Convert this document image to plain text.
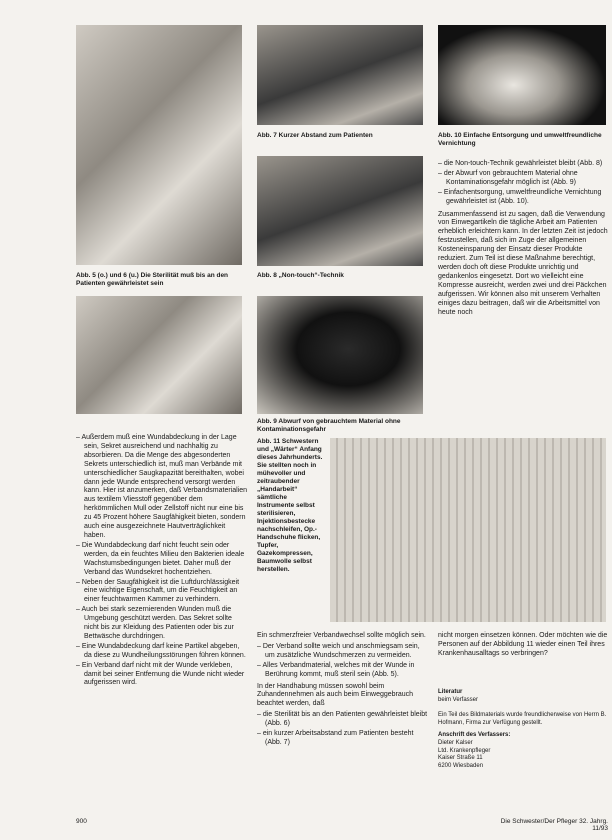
Abb. 5 (o.) und 6 (u.) Die Sterilität muß bis an den Patienten gewährleistet sein
Abb. 7 Kurzer Abstand zum Patienten
Abb. 8 „Non-touch“-Technik
Abb. 9 Abwurf von gebrauchtem Material ohne Kontaminationsgefahr
Abb. 10 Einfache Entsorgung und umweltfreundliche Vernichtung
– die Non-touch-Technik gewährleistet bleibt (Abb. 8)
– der Abwurf von gebrauchtem Material ohne Kontaminationsgefahr möglich ist (Abb. 9)
– Einfachentsorgung, umweltfreundliche Vernichtung gewährleistet ist (Abb. 10).

Zusammenfassend ist zu sagen, daß die Verwendung von Einwegartikeln die tägliche Arbeit am Patienten erheblich erleichtern kann. In der letzten Zeit ist jedoch festzustellen, daß sich im Zuge der allgemeinen Kosteneinsparung der Einsatz dieser Produkte reduziert. Zum Teil ist diese Maßnahme berechtigt, werden doch oft diese Produkte unrichtig und gedankenlos eingesetzt. Dort wo vielleicht eine Kompresse ausreicht, werden zwei und drei Päckchen aufgerissen. Wir können also mit unserem Verhalten einiges dazu beitragen, daß wir die Arbeitsmittel von heute noch

Abb. 11 Schwestern und „Wärter“ Anfang dieses Jahrhunderts. Sie stellten noch in mühevoller und zeitraubender „Handarbeit“ sämtliche Instrumente selbst sterilisieren, Injektionsbestecke nachschleifen, Op.-Handschuhe flicken, Tupfer, Gazekompressen, Baumwolle selbst herstellen.
– Außerdem muß eine Wundabdeckung in der Lage sein, Sekret ausreichend und nachhaltig zu absorbieren. Da die Menge des abgesonderten Sekrets unterschiedlich ist, muß man Verbände mit unterschiedlicher Saugkapazität bereithalten, wobei dann jede Wunde entsprechend versorgt werden kann. Hier ist anzumerken, daß Verbandsmaterialien aus textilem Vliesstoff gegenüber dem herkömmlichen Mull oder Zellstoff nicht nur eine bis zu 45 Prozent höhere Saugfähigkeit bieten, sondern auch eine ausgezeichnete Hautverträglichkeit haben.
– Die Wundabdeckung darf nicht feucht sein oder werden, da ein feuchtes Milieu den Bakterien ideale Wachstumsbedingungen bietet. Daher muß der Verband das Wundsekret hochentziehen.
– Neben der Saugfähigkeit ist die Luftdurchlässigkeit eine wichtige Eigenschaft, um die Feuchtigkeit an einer feuchtwarmen Kammer zu verhindern.
– Auch bei stark sezernierenden Wunden muß die Umgebung geschützt werden. Das Sekret sollte nicht bis zur Kleidung des Patienten oder bis zur Bettwäsche durchdringen.
– Eine Wundabdeckung darf keine Partikel abgeben, da diese zu Wundheilungsstörungen führen können.
– Ein Verband darf nicht mit der Wunde verkleben, damit bei seiner Entfernung die Wunde nicht wieder aufgerissen wird.

Ein schmerzfreier Verbandwechsel sollte möglich sein.

– Der Verband sollte weich und anschmiegsam sein, um zusätzliche Wundschmerzen zu vermeiden.
– Alles Verbandmaterial, welches mit der Wunde in Berührung kommt, muß steril sein (Abb. 5).

In der Handhabung müssen sowohl beim Zuhandennehmen als auch beim Einweggebrauch beachtet werden, daß

– die Sterilität bis an den Patienten gewährleistet bleibt (Abb. 6)
– ein kurzer Arbeitsabstand zum Patienten besteht (Abb. 7)

nicht morgen einsetzen können. Oder möchten wie die Personen auf der Abbildung 11 wieder einen Teil ihres Krankenhausalltags so verbringen?

Literatur
beim Verfasser
Ein Teil des Bildmaterials wurde freundlicherweise von Herrn B. Hofmann, Firma zur Verfügung gestellt.
Anschrift des Verfassers:
Dieter Kalser
Ltd. Krankenpfleger
Kaiser Straße 11
6200 Wiesbaden
900	Die Schwester/Der Pfleger 32. Jahrg. 11/93
